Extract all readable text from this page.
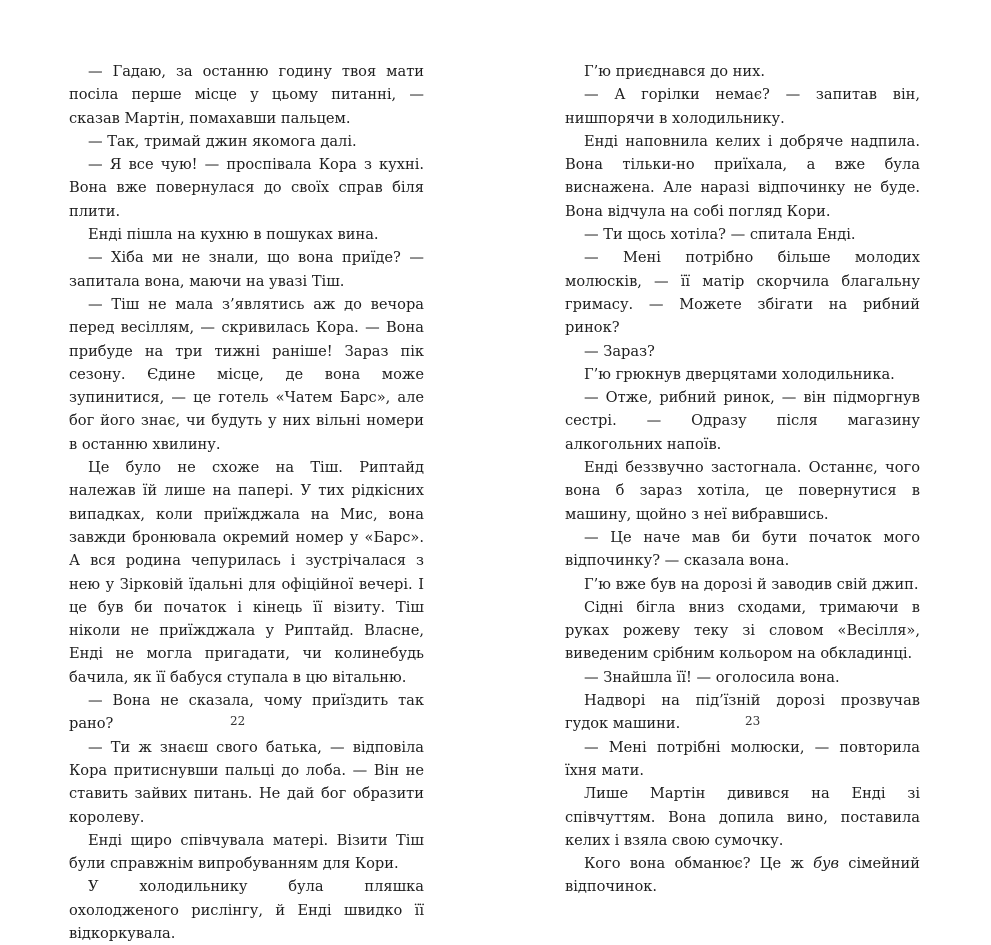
— Гадаю, за останню годину твоя мати посіла перше місце у цьому питанні, — сказав Мартін, помахавши пальцем.

— Так, тримай джин якомога далі.

— Я все чую! — проспівала Кора з кухні. Вона вже повернулася до своїх справ біля плити.

Енді пішла на кухню в пошуках вина.

— Хіба ми не знали, що вона приїде? — запитала вона, маючи на увазі Тіш.

— Тіш не мала з’являтись аж до вечора перед весіллям, — скривилась Кора. — Вона прибуде на три тижні раніше! Зараз пік сезону. Єдине місце, де вона може зупинитися, — це готель «Чатем Барс», але бог його знає, чи будуть у них вільні номери в останню хвилину.

Це було не схоже на Тіш. Риптайд належав їй лише на папері. У тих рідкісних випадках, коли приїжджала на Мис, вона завжди бронювала окремий номер у «Барс». А вся родина чепурилась і зустрічалася з нею у Зірковій їдальні для офіційної вечері. І це був би початок і кінець її візиту. Тіш ніколи не приїжджала у Риптайд. Власне, Енді не могла пригадати, чи колинебудь бачила, як її бабуся ступала в цю вітальню.

— Вона не сказала, чому приїздить так рано?

— Ти ж знаєш свого батька, — відповіла Кора притиснувши пальці до лоба. — Він не ставить зайвих питань. Не дай бог образити королеву.

Енді щиро співчувала матері. Візити Тіш були справжнім випробуванням для Кори.

У холодильнику була пляшка охолодженого рислінгу, й Енді швидко її відкоркувала.

22

Г’ю приєднався до них.

— А горілки немає? — запитав він, нишпорячи в холодильнику.

Енді наповнила келих і добряче надпила. Вона тільки-но приїхала, а вже була виснажена. Але наразі відпочинку не буде. Вона відчула на собі погляд Кори.

— Ти щось хотіла? — спитала Енді.

— Мені потрібно більше молодих молюсків, — її матір скорчила благальну гримасу. — Можете збігати на рибний ринок?

— Зараз?

Г’ю грюкнув дверцятами холодильника.

— Отже, рибний ринок, — він підморгнув сестрі. — Одразу після магазину алкогольних напоїв.

Енді беззвучно застогнала. Останнє, чого вона б зараз хотіла, це повернутися в машину, щойно з неї вибравшись.

— Це наче мав би бути початок мого відпочинку? — сказала вона.

Г’ю вже був на дорозі й заводив свій джип.

Сідні бігла вниз сходами, тримаючи в руках рожеву теку зі словом «Весілля», виведеним срібним кольором на обкладинці.

— Знайшла її! — оголосила вона.

Надворі на під’їзній дорозі прозвучав гудок машини.

— Мені потрібні молюски, — повторила їхня мати.

Лише Мартін дивився на Енді зі співчуттям. Вона допила вино, поставила келих і взяла свою сумочку.

Кого вона обманює? Це ж був сімейний відпочинок.

23
